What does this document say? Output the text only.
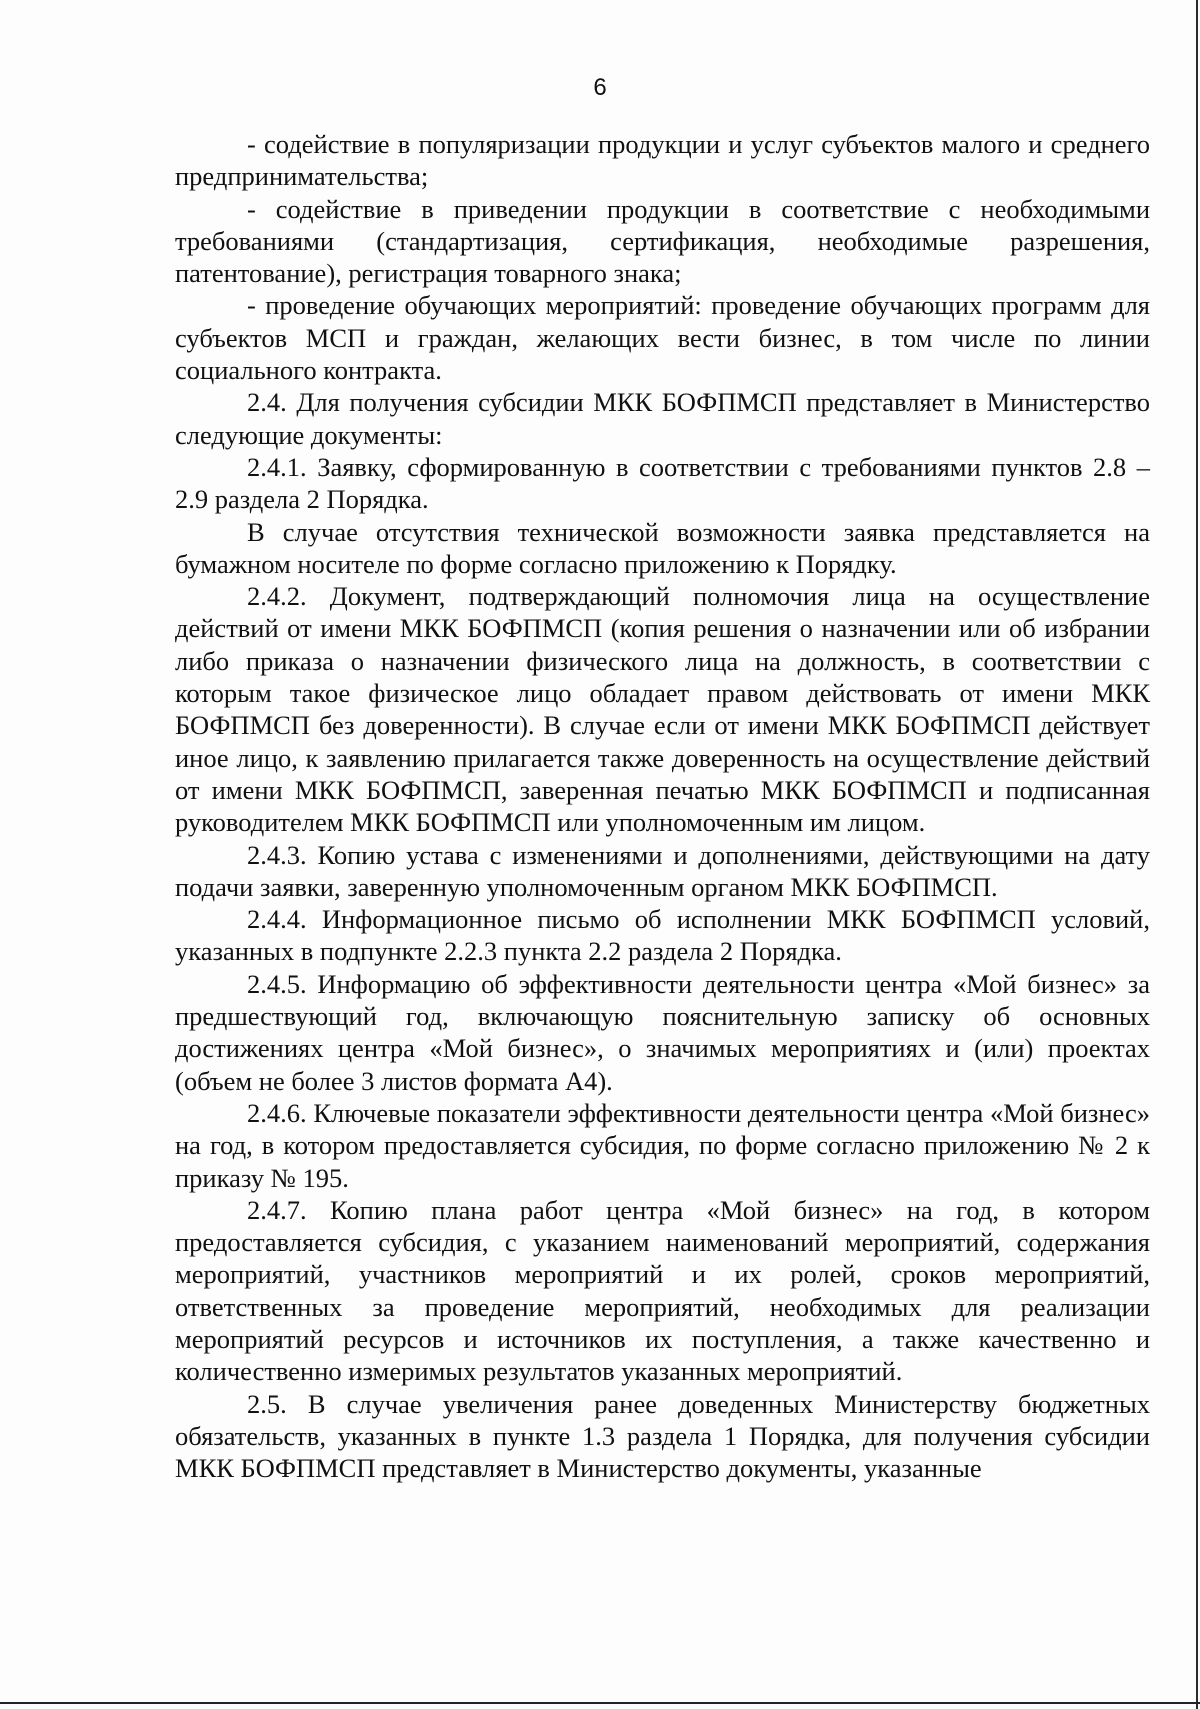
6

- содействие в популяризации продукции и услуг субъектов малого и среднего предпринимательства;

- содействие в приведении продукции в соответствие с необходимыми требованиями (стандартизация, сертификация, необходимые разрешения, патентование), регистрация товарного знака;

- проведение обучающих мероприятий: проведение обучающих программ для субъектов МСП и граждан, желающих вести бизнес, в том числе по линии социального контракта.

2.4. Для получения субсидии МКК БОФПМСП представляет в Министерство следующие документы:

2.4.1. Заявку, сформированную в соответствии с требованиями пунктов 2.8 – 2.9 раздела 2 Порядка.

В случае отсутствия технической возможности заявка представляется на бумажном носителе по форме согласно приложению к Порядку.

2.4.2. Документ, подтверждающий полномочия лица на осуществление действий от имени МКК БОФПМСП (копия решения о назначении или об избрании либо приказа о назначении физического лица на должность, в соответствии с которым такое физическое лицо обладает правом действовать от имени МКК БОФПМСП без доверенности). В случае если от имени МКК БОФПМСП действует иное лицо, к заявлению прилагается также доверенность на осуществление действий от имени МКК БОФПМСП, заверенная печатью МКК БОФПМСП и подписанная руководителем МКК БОФПМСП или уполномоченным им лицом.

2.4.3. Копию устава с изменениями и дополнениями, действующими на дату подачи заявки, заверенную уполномоченным органом МКК БОФПМСП.

2.4.4. Информационное письмо об исполнении МКК БОФПМСП условий, указанных в подпункте 2.2.3 пункта 2.2 раздела 2 Порядка.

2.4.5. Информацию об эффективности деятельности центра «Мой бизнес» за предшествующий год, включающую пояснительную записку об основных достижениях центра «Мой бизнес», о значимых мероприятиях и (или) проектах (объем не более 3 листов формата А4).

2.4.6. Ключевые показатели эффективности деятельности центра «Мой бизнес» на год, в котором предоставляется субсидия, по форме согласно приложению № 2 к приказу № 195.

2.4.7. Копию плана работ центра «Мой бизнес» на год, в котором предоставляется субсидия, с указанием наименований мероприятий, содержания мероприятий, участников мероприятий и их ролей, сроков мероприятий, ответственных за проведение мероприятий, необходимых для реализации мероприятий ресурсов и источников их поступления, а также качественно и количественно измеримых результатов указанных мероприятий.

2.5. В случае увеличения ранее доведенных Министерству бюджетных обязательств, указанных в пункте 1.3 раздела 1 Порядка, для получения субсидии МКК БОФПМСП представляет в Министерство документы, указанные
